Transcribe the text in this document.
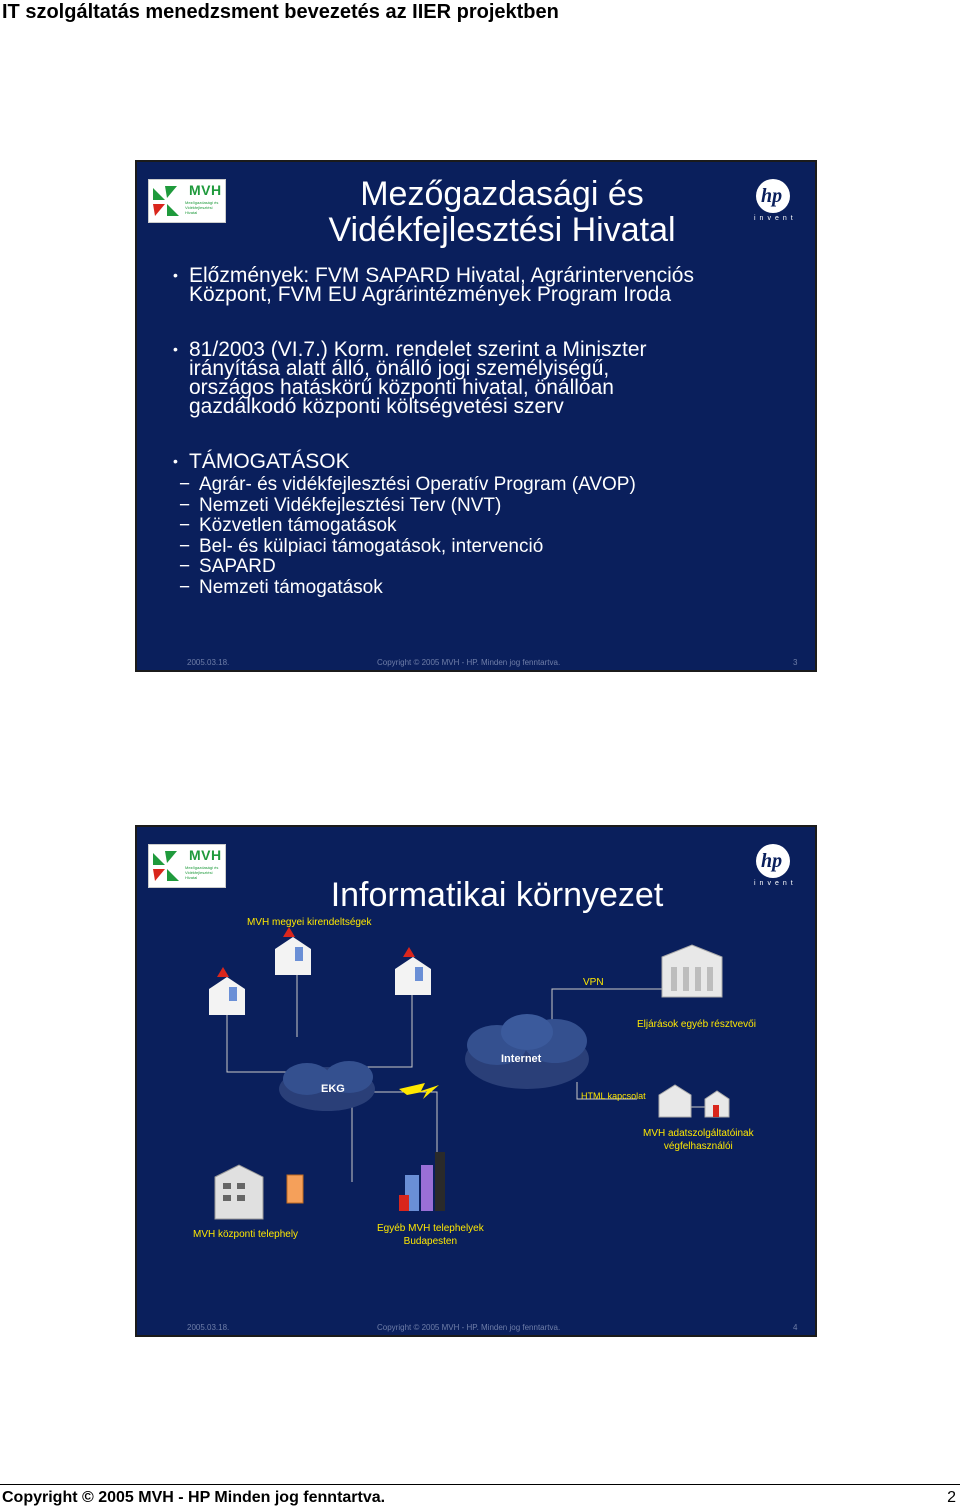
IT szolgáltatás menedzsment bevezetés az IIER projektben
MVH
Mezőgazdasági és Vidékfejlesztési Hivatal
hp
invent
Mezőgazdasági és
Vidékfejlesztési Hivatal
• Előzmények: FVM SAPARD Hivatal, Agrárintervenciós
Központ, FVM EU Agrárintézmények Program Iroda
• 81/2003 (VI.7.) Korm. rendelet szerint a Miniszter
irányítása alatt álló, önálló jogi személyiségű,
országos hatáskörű központi hivatal, önállóan
gazdálkodó központi költségvetési szerv
• TÁMOGATÁSOK
− Agrár- és vidékfejlesztési Operatív Program (AVOP)
− Nemzeti Vidékfejlesztési Terv (NVT)
− Közvetlen támogatások
− Bel- és külpiaci támogatások, intervenció
− SAPARD
− Nemzeti támogatások
2005.03.18.	Copyright © 2005 MVH - HP. Minden jog fenntartva.	3
MVH
Mezőgazdasági és Vidékfejlesztési Hivatal
hp
invent
Informatikai környezet
MVH megyei kirendeltségek
VPN
Eljárások egyéb résztvevői
Internet
EKG
HTML kapcsolat
MVH adatszolgáltatóinak
végfelhasználói
MVH központi telephely
Egyéb MVH telephelyek
Budapesten
2005.03.18.	Copyright © 2005 MVH - HP. Minden jog fenntartva.	4
Copyright © 2005 MVH - HP Minden jog fenntartva.	2
